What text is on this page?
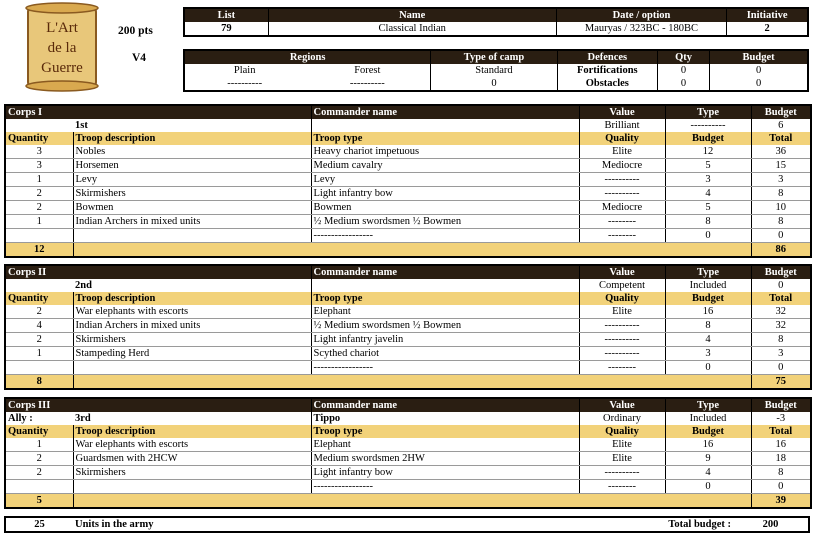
L'Art
de la
Guerre
200 pts
V4
List	Name	Date / option	Initiative
79	Classical Indian	Mauryas / 323BC - 180BC	2
Regions		Type of camp	Defences	Qty	Budget
Plain	Forest	Standard	Fortifications	0	0
----------	----------	0	Obstacles	0	0
Corps I		Commander name	Value	Type	Budget
	1st		Brilliant	----------	6
Quantity	Troop description	Troop type	Quality	Budget	Total
3	Nobles	Heavy chariot impetuous	Elite	12	36
3	Horsemen	Medium cavalry	Mediocre	5	15
1	Levy	Levy	----------	3	3
2	Skirmishers	Light infantry bow	----------	4	8
2	Bowmen	Bowmen	Mediocre	5	10
1	Indian Archers in mixed units	½ Medium swordsmen ½ Bowmen	--------	8	8
		-----------------	--------	0	0
12					86
Corps II		Commander name	Value	Type	Budget
	2nd		Competent	Included	0
Quantity	Troop description	Troop type	Quality	Budget	Total
2	War elephants with escorts	Elephant	Elite	16	32
4	Indian Archers in mixed units	½ Medium swordsmen ½ Bowmen	----------	8	32
2	Skirmishers	Light infantry javelin	----------	4	8
1	Stampeding Herd	Scythed chariot	----------	3	3
		-----------------	--------	0	0
8					75
Corps III		Commander name	Value	Type	Budget
Ally :	3rd	Tippo	Ordinary	Included	-3
Quantity	Troop description	Troop type	Quality	Budget	Total
1	War elephants with escorts	Elephant	Elite	16	16
2	Guardsmen with 2HCW	Medium swordsmen 2HW	Elite	9	18
2	Skirmishers	Light infantry bow	----------	4	8
		-----------------	--------	0	0
5					39
25	Units in the army	Total budget :	200
